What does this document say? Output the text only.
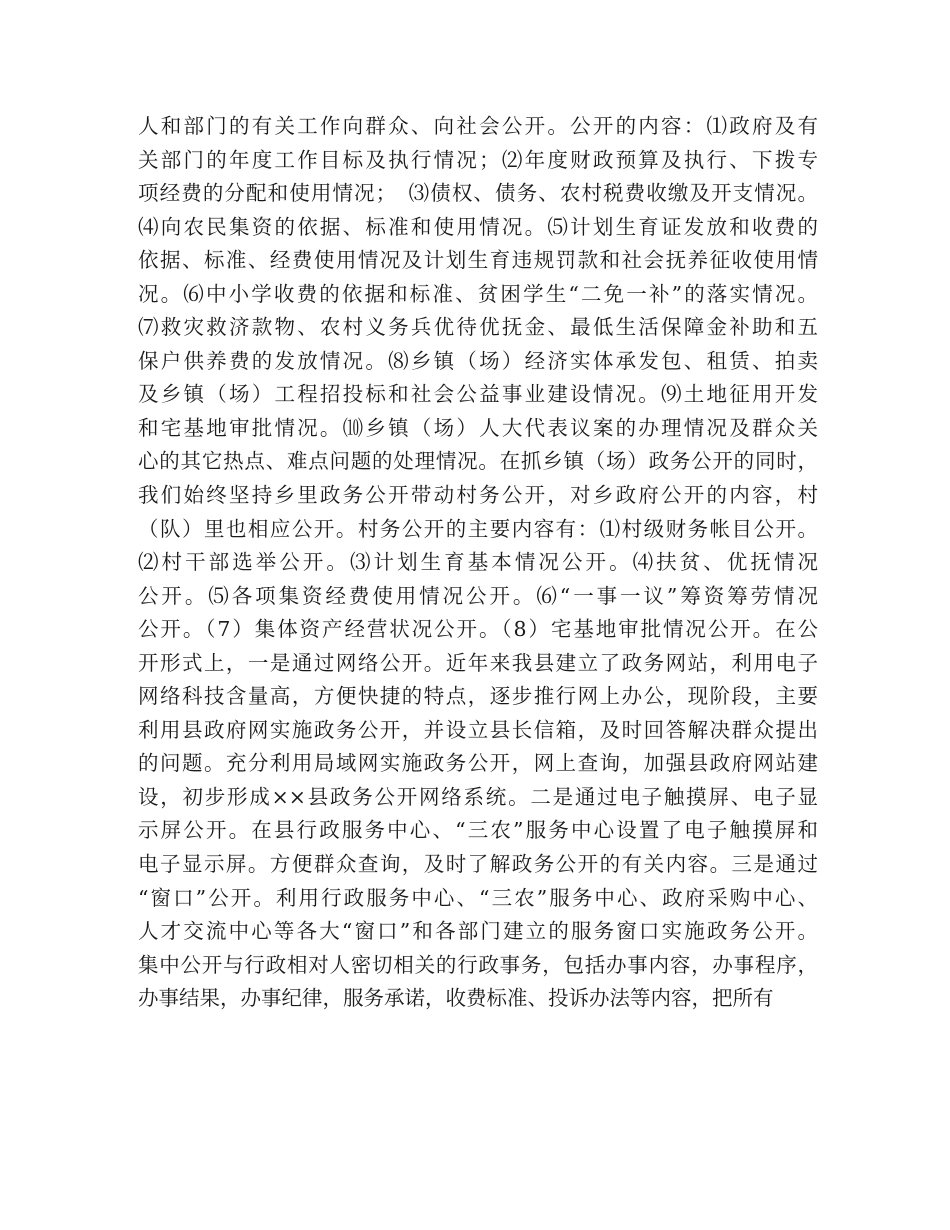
人和部门的有关工作向群众、向社会公开。公开的内容：⑴政府及有
关部门的年度工作目标及执行情况；⑵年度财政预算及执行、下拨专
项经费的分配和使用情况；　⑶债权、债务、农村税费收缴及开支情况。
⑷向农民集资的依据、标准和使用情况。⑸计划生育证发放和收费的
依据、标准、经费使用情况及计划生育违规罚款和社会抚养征收使用情
况。⑹中小学收费的依据和标准、贫困学生“二免一补”的落实情况。
⑺救灾救济款物、农村义务兵优待优抚金、最低生活保障金补助和五
保户供养费的发放情况。⑻乡镇（场）经济实体承发包、租赁、拍卖
及乡镇（场）工程招投标和社会公益事业建设情况。⑼土地征用开发
和宅基地审批情况。⑽乡镇（场）人大代表议案的办理情况及群众关
心的其它热点、难点问题的处理情况。在抓乡镇（场）政务公开的同时，
我们始终坚持乡里政务公开带动村务公开，对乡政府公开的内容，村
（队）里也相应公开。村务公开的主要内容有：⑴村级财务帐目公开。
⑵村干部选举公开。⑶计划生育基本情况公开。⑷扶贫、优抚情况
公开。⑸各项集资经费使用情况公开。⑹“一事一议”筹资筹劳情况
公开。（7）集体资产经营状况公开。（8）宅基地审批情况公开。在公
开形式上，一是通过网络公开。近年来我县建立了政务网站，利用电子
网络科技含量高，方便快捷的特点，逐步推行网上办公，现阶段，主要
利用县政府网实施政务公开，并设立县长信箱，及时回答解决群众提出
的问题。充分利用局域网实施政务公开，网上查询，加强县政府网站建
设，初步形成××县政务公开网络系统。二是通过电子触摸屏、电子显
示屏公开。在县行政服务中心、“三农”服务中心设置了电子触摸屏和
电子显示屏。方便群众查询，及时了解政务公开的有关内容。三是通过
“窗口”公开。利用行政服务中心、“三农”服务中心、政府采购中心、
人才交流中心等各大“窗口”和各部门建立的服务窗口实施政务公开。
集中公开与行政相对人密切相关的行政事务，包括办事内容，办事程序，
办事结果，办事纪律，服务承诺，收费标准、投诉办法等内容，把所有
